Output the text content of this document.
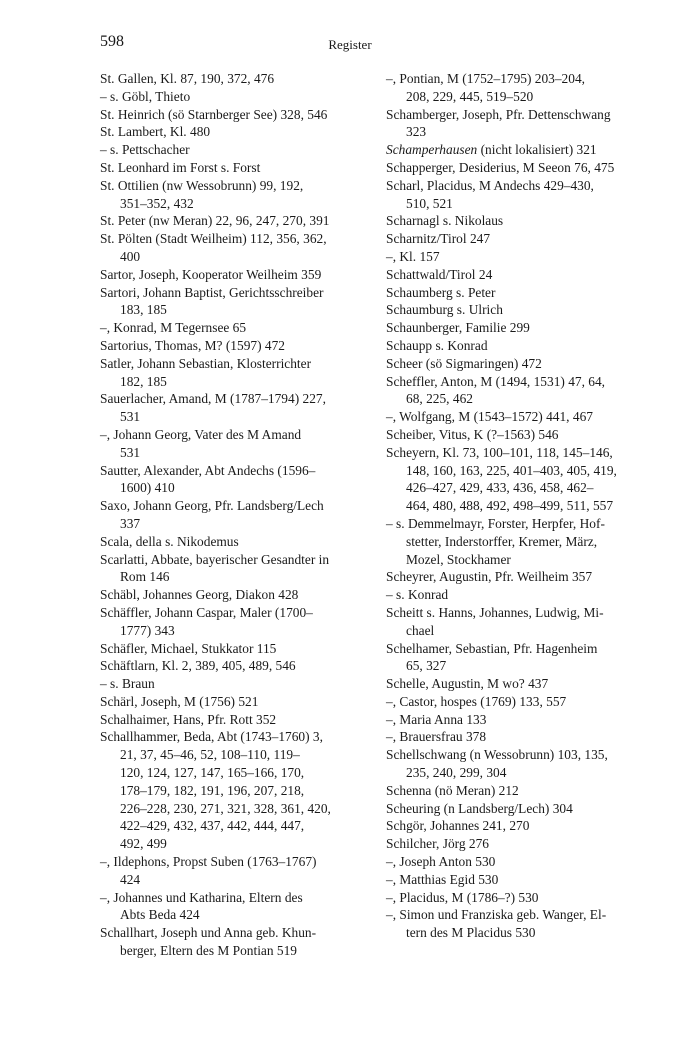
598	Register
St. Gallen, Kl. 87, 190, 372, 476
– s. Göbl, Thieto
St. Heinrich (sö Starnberger See) 328, 546
St. Lambert, Kl. 480
– s. Pettschacher
St. Leonhard im Forst s. Forst
St. Ottilien (nw Wessobrunn) 99, 192,
351–352, 432
St. Peter (nw Meran) 22, 96, 247, 270, 391
St. Pölten (Stadt Weilheim) 112, 356, 362,
400
Sartor, Joseph, Kooperator Weilheim 359
Sartori, Johann Baptist, Gerichtsschreiber
183, 185
–, Konrad, M Tegernsee 65
Sartorius, Thomas, M? (1597) 472
Satler, Johann Sebastian, Klosterrichter
182, 185
Sauerlacher, Amand, M (1787–1794) 227,
531
–, Johann Georg, Vater des M Amand
531
Sautter, Alexander, Abt Andechs (1596–
1600) 410
Saxo, Johann Georg, Pfr. Landsberg/Lech
337
Scala, della s. Nikodemus
Scarlatti, Abbate, bayerischer Gesandter in
Rom 146
Schäbl, Johannes Georg, Diakon 428
Schäffler, Johann Caspar, Maler (1700–
1777) 343
Schäfler, Michael, Stukkator 115
Schäftlarn, Kl. 2, 389, 405, 489, 546
– s. Braun
Schärl, Joseph, M (1756) 521
Schalhaimer, Hans, Pfr. Rott 352
Schallhammer, Beda, Abt (1743–1760) 3,
21, 37, 45–46, 52, 108–110, 119–
120, 124, 127, 147, 165–166, 170,
178–179, 182, 191, 196, 207, 218,
226–228, 230, 271, 321, 328, 361, 420,
422–429, 432, 437, 442, 444, 447,
492, 499
–, Ildephons, Propst Suben (1763–1767)
424
–, Johannes und Katharina, Eltern des
Abts Beda 424
Schallhart, Joseph und Anna geb. Khun-
berger, Eltern des M Pontian 519
–, Pontian, M (1752–1795) 203–204,
208, 229, 445, 519–520
Schamberger, Joseph, Pfr. Dettenschwang
323
Schamperhausen (nicht lokalisiert) 321
Schapperger, Desiderius, M Seeon 76, 475
Scharl, Placidus, M Andechs 429–430,
510, 521
Scharnagl s. Nikolaus
Scharnitz/Tirol 247
–, Kl. 157
Schattwald/Tirol 24
Schaumberg s. Peter
Schaumburg s. Ulrich
Schaunberger, Familie 299
Schaupp s. Konrad
Scheer (sö Sigmaringen) 472
Scheffler, Anton, M (1494, 1531) 47, 64,
68, 225, 462
–, Wolfgang, M (1543–1572) 441, 467
Scheiber, Vitus, K (?–1563) 546
Scheyern, Kl. 73, 100–101, 118, 145–146,
148, 160, 163, 225, 401–403, 405, 419,
426–427, 429, 433, 436, 458, 462–
464, 480, 488, 492, 498–499, 511, 557
– s. Demmelmayr, Forster, Herpfer, Hof-
stetter, Inderstorffer, Kremer, März,
Mozel, Stockhamer
Scheyrer, Augustin, Pfr. Weilheim 357
– s. Konrad
Scheitt s. Hanns, Johannes, Ludwig, Mi-
chael
Schelhamer, Sebastian, Pfr. Hagenheim
65, 327
Schelle, Augustin, M wo? 437
–, Castor, hospes (1769) 133, 557
–, Maria Anna 133
–, Brauersfrau 378
Schellschwang (n Wessobrunn) 103, 135,
235, 240, 299, 304
Schenna (nö Meran) 212
Scheuring (n Landsberg/Lech) 304
Schgör, Johannes 241, 270
Schilcher, Jörg 276
–, Joseph Anton 530
–, Matthias Egid 530
–, Placidus, M (1786–?) 530
–, Simon und Franziska geb. Wanger, El-
tern des M Placidus 530
